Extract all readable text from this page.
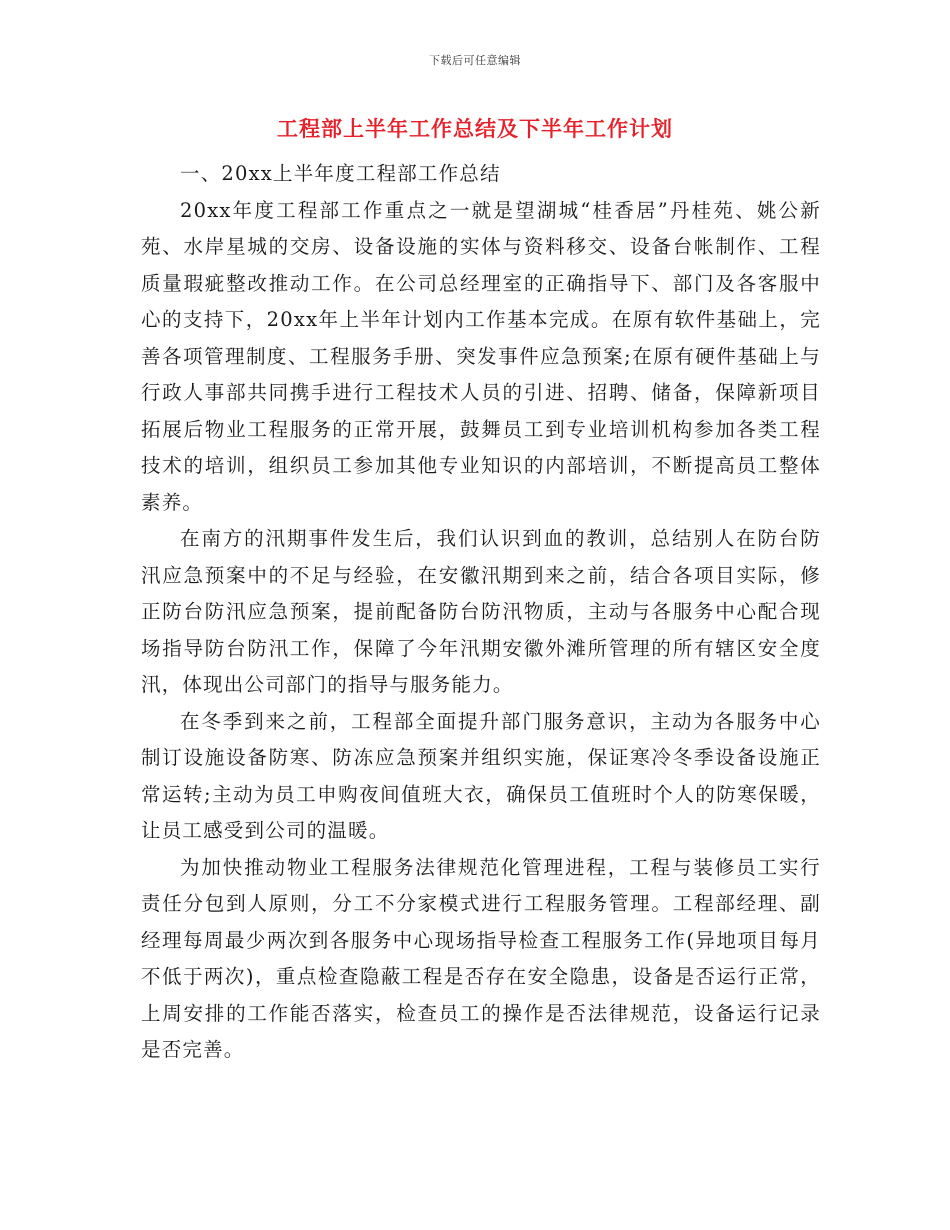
下载后可任意编辑
工程部上半年工作总结及下半年工作计划

一、20xx上半年度工程部工作总结

20xx年度工程部工作重点之一就是望湖城“桂香居”丹桂苑、姚公新苑、水岸星城的交房、设备设施的实体与资料移交、设备台帐制作、工程质量瑕疵整改推动工作。在公司总经理室的正确指导下、部门及各客服中心的支持下，20xx年上半年计划内工作基本完成。在原有软件基础上，完善各项管理制度、工程服务手册、突发事件应急预案;在原有硬件基础上与行政人事部共同携手进行工程技术人员的引进、招聘、储备，保障新项目拓展后物业工程服务的正常开展，鼓舞员工到专业培训机构参加各类工程技术的培训，组织员工参加其他专业知识的内部培训，不断提高员工整体素养。

在南方的汛期事件发生后，我们认识到血的教训，总结别人在防台防汛应急预案中的不足与经验，在安徽汛期到来之前，结合各项目实际，修正防台防汛应急预案，提前配备防台防汛物质，主动与各服务中心配合现场指导防台防汛工作，保障了今年汛期安徽外滩所管理的所有辖区安全度汛，体现出公司部门的指导与服务能力。

在冬季到来之前，工程部全面提升部门服务意识，主动为各服务中心制订设施设备防寒、防冻应急预案并组织实施，保证寒冷冬季设备设施正常运转;主动为员工申购夜间值班大衣，确保员工值班时个人的防寒保暖，让员工感受到公司的温暖。

为加快推动物业工程服务法律规范化管理进程，工程与装修员工实行责任分包到人原则，分工不分家模式进行工程服务管理。工程部经理、副经理每周最少两次到各服务中心现场指导检查工程服务工作(异地项目每月不低于两次)，重点检查隐蔽工程是否存在安全隐患，设备是否运行正常，上周安排的工作能否落实，检查员工的操作是否法律规范，设备运行记录是否完善。
